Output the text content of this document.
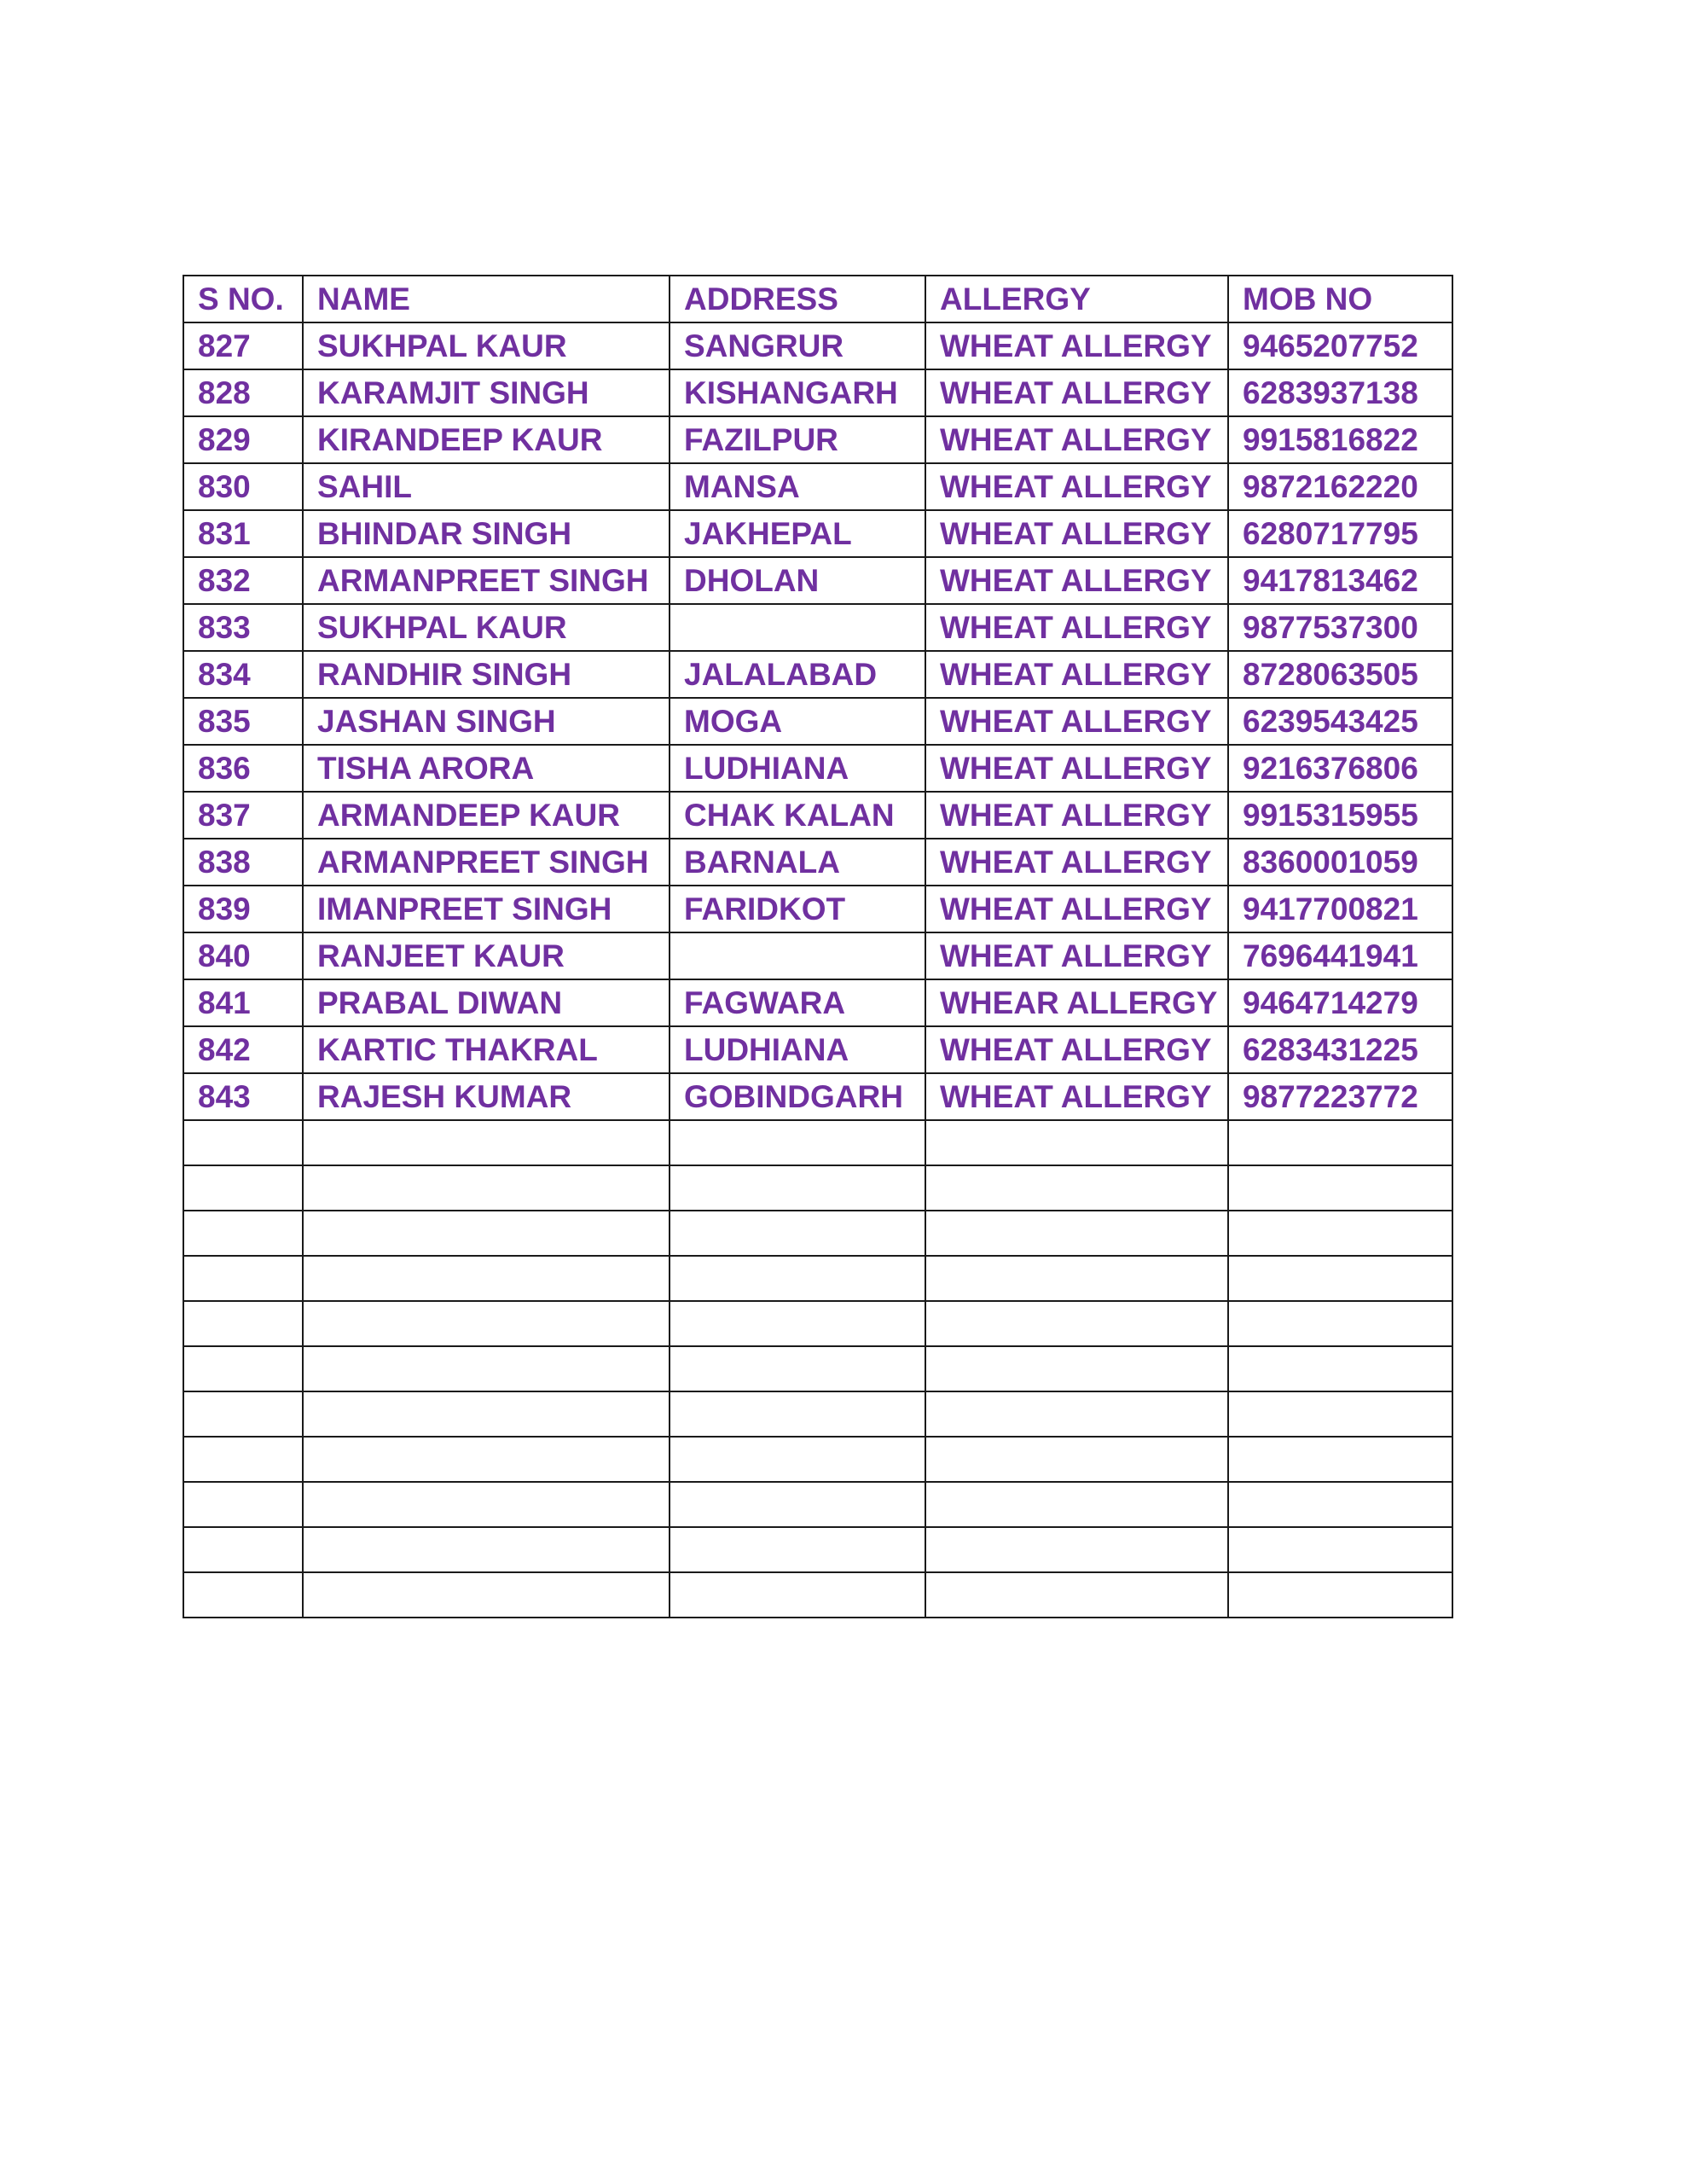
S NO.	NAME	ADDRESS	ALLERGY	MOB NO
827	SUKHPAL KAUR	SANGRUR	WHEAT ALLERGY	9465207752
828	KARAMJIT SINGH	KISHANGARH	WHEAT ALLERGY	6283937138
829	KIRANDEEP KAUR	FAZILPUR	WHEAT ALLERGY	9915816822
830	SAHIL	MANSA	WHEAT ALLERGY	9872162220
831	BHINDAR SINGH	JAKHEPAL	WHEAT ALLERGY	6280717795
832	ARMANPREET SINGH	DHOLAN	WHEAT ALLERGY	9417813462
833	SUKHPAL KAUR		WHEAT ALLERGY	9877537300
834	RANDHIR SINGH	JALALABAD	WHEAT ALLERGY	8728063505
835	JASHAN SINGH	MOGA	WHEAT ALLERGY	6239543425
836	TISHA ARORA	LUDHIANA	WHEAT ALLERGY	9216376806
837	ARMANDEEP KAUR	CHAK KALAN	WHEAT ALLERGY	9915315955
838	ARMANPREET SINGH	BARNALA	WHEAT ALLERGY	8360001059
839	IMANPREET SINGH	FARIDKOT	WHEAT ALLERGY	9417700821
840	RANJEET KAUR		WHEAT ALLERGY	7696441941
841	PRABAL DIWAN	FAGWARA	WHEAR ALLERGY	9464714279
842	KARTIC THAKRAL	LUDHIANA	WHEAT ALLERGY	6283431225
843	RAJESH KUMAR	GOBINDGARH	WHEAT ALLERGY	9877223772
